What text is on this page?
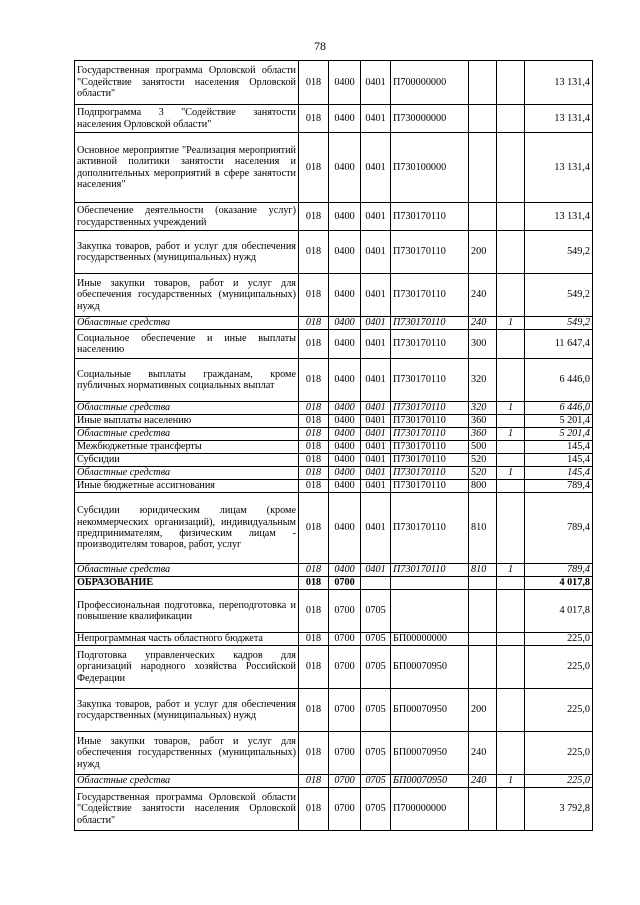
78
Государственная программа Орловской области "Содействие занятости населения Орловской области"	018	0400	0401	П700000000			13 131,4
Подпрограмма 3 "Содействие занятости населения Орловской области"	018	0400	0401	П730000000			13 131,4
Основное мероприятие "Реализация мероприятий активной политики занятости населения и дополнительных мероприятий в сфере занятости населения"	018	0400	0401	П730100000			13 131,4
Обеспечение деятельности (оказание услуг) государственных учреждений	018	0400	0401	П730170110			13 131,4
Закупка товаров, работ и услуг для обеспечения государственных (муниципальных) нужд	018	0400	0401	П730170110	200		549,2
Иные закупки товаров, работ и услуг для обеспечения государственных (муниципальных) нужд	018	0400	0401	П730170110	240		549,2
Областные средства	018	0400	0401	П730170110	240	1	549,2
Социальное обеспечение и иные выплаты населению	018	0400	0401	П730170110	300		11 647,4
Социальные выплаты гражданам, кроме публичных нормативных социальных выплат	018	0400	0401	П730170110	320		6 446,0
Областные средства	018	0400	0401	П730170110	320	1	6 446,0
Иные выплаты населению	018	0400	0401	П730170110	360		5 201,4
Областные средства	018	0400	0401	П730170110	360	1	5 201,4
Межбюджетные трансферты	018	0400	0401	П730170110	500		145,4
Субсидии	018	0400	0401	П730170110	520		145,4
Областные средства	018	0400	0401	П730170110	520	1	145,4
Иные бюджетные ассигнования	018	0400	0401	П730170110	800		789,4
Субсидии юридическим лицам (кроме некоммерческих организаций), индивидуальным предпринимателям, физическим лицам - производителям товаров, работ, услуг	018	0400	0401	П730170110	810		789,4
Областные средства	018	0400	0401	П730170110	810	1	789,4
ОБРАЗОВАНИЕ	018	0700					4 017,8
Профессиональная подготовка, переподготовка и повышение квалификации	018	0700	0705				4 017,8
Непрограммная часть областного бюджета	018	0700	0705	БП00000000			225,0
Подготовка управленческих кадров для организаций народного хозяйства Российской Федерации	018	0700	0705	БП00070950			225,0
Закупка товаров, работ и услуг для обеспечения государственных (муниципальных) нужд	018	0700	0705	БП00070950	200		225,0
Иные закупки товаров, работ и услуг для обеспечения государственных (муниципальных) нужд	018	0700	0705	БП00070950	240		225,0
Областные средства	018	0700	0705	БП00070950	240	1	225,0
Государственная программа Орловской области "Содействие занятости населения Орловской области"	018	0700	0705	П700000000			3 792,8
